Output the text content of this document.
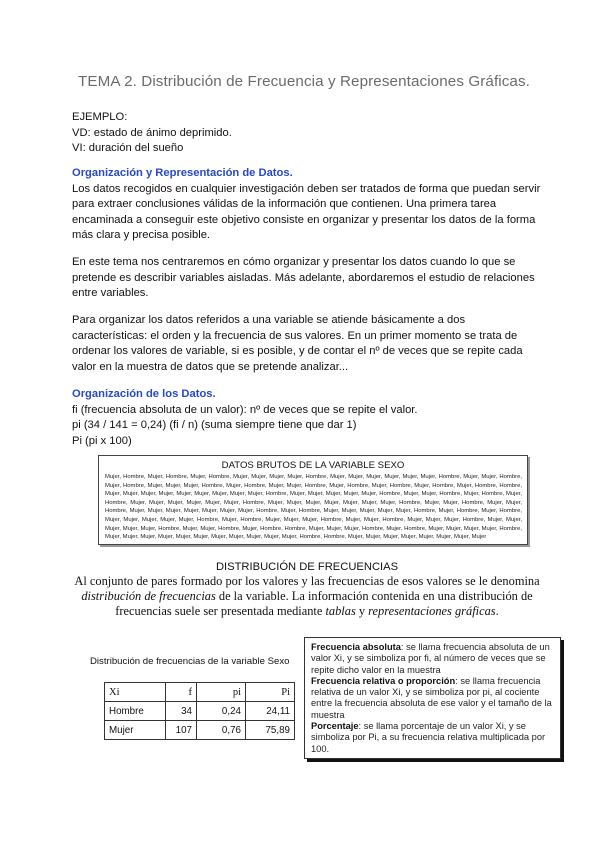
TEMA 2. Distribución de Frecuencia y Representaciones Gráficas.

EJEMPLO:

VD: estado de ánimo deprimido.

VI: duración del sueño

Organización y Representación de Datos.

Los datos recogidos en cualquier investigación deben ser tratados de forma que puedan servir para extraer conclusiones válidas de la información que contienen. Una primera tarea encaminada a conseguir este objetivo consiste en organizar y presentar los datos de la forma más clara y precisa posible.

En este tema nos centraremos en cómo organizar y presentar los datos cuando lo que se pretende es describir variables aisladas. Más adelante, abordaremos el estudio de relaciones entre variables.

Para organizar los datos referidos a una variable se atiende básicamente a dos características: el orden y la frecuencia de sus valores. En un primer momento se trata de ordenar los valores de variable, si es posible, y de contar el nº de veces que se repite cada valor en la muestra de datos que se pretende analizar...

Organización de los Datos.

fi (frecuencia absoluta de un valor): nº de veces que se repite el valor.

pi (34 / 141 = 0,24) (fi / n) (suma siempre tiene que dar 1)

Pi (pi x 100)

DATOS BRUTOS DE LA VARIABLE SEXO
Mujer, Hombre, Mujer, Hombre, Mujer, Hombre, Mujer, Mujer, Mujer, Mujer, Hombre, Mujer, Mujer, Mujer, Mujer, Mujer, Mujer, Hombre, Mujer, Mujer, Hombre, Mujer, Hombre, Mujer, Mujer, Mujer, Hombre, Mujer, Hombre, Mujer, Mujer, Hombre, Mujer, Hombre, Mujer, Hombre, Mujer, Hombre, Mujer, Hombre, Hombre, Mujer, Mujer, Mujer, Mujer, Mujer, Mujer, Mujer, Mujer, Mujer, Hombre, Mujer, Mujer, Mujer, Mujer, Mujer, Hombre, Mujer, Mujer, Hombre, Mujer, Hombre, Mujer, Hombre, Mujer, Mujer, Mujer, Mujer, Mujer, Mujer, Hombre, Mujer, Mujer, Mujer, Mujer, Mujer, Mujer, Mujer, Hombre, Mujer, Mujer, Hombre, Mujer, Mujer, Hombre, Mujer, Mujer, Mujer, Mujer, Mujer, Mujer, Mujer, Hombre, Mujer, Hombre, Mujer, Mujer, Mujer, Mujer, Mujer, Hombre, Mujer, Hombre, Mujer, Hombre, Mujer, Mujer, Mujer, Mujer, Mujer, Hombre, Mujer, Hombre, Mujer, Mujer, Mujer, Hombre, Mujer, Mujer, Hombre, Mujer, Mujer, Mujer, Hombre, Mujer, Mujer, Mujer, Mujer, Mujer, Hombre, Mujer, Mujer, Hombre, Mujer, Hombre, Hombre, Mujer, Mujer, Mujer, Hombre, Mujer, Hombre, Mujer, Mujer, Mujer, Mujer, Hombre, Mujer, Mujer, Mujer, Mujer, Mujer, Mujer, Mujer, Mujer, Mujer, Mujer, Mujer, Hombre, Hombre, Mujer, Mujer, Mujer, Mujer, Mujer, Mujer, Mujer, Mujer
DISTRIBUCIÓN DE FRECUENCIAS
Al conjunto de pares formado por los valores y las frecuencias de esos valores se le denomina distribución de frecuencias de la variable. La información contenida en una distribución de frecuencias suele ser presentada mediante tablas y representaciones gráficas.
Distribución de frecuencias de la variable Sexo
Xi	f	pi	Pi
Hombre	34	0,24	24,11
Mujer	107	0,76	75,89

Frecuencia absoluta: se llama frecuencia absoluta de un valor Xi, y se simboliza por fi, al número de veces que se repite dicho valor en la muestra

Frecuencia relativa o proporción: se llama frecuencia relativa de un valor Xi, y se simboliza por pi, al cociente entre la frecuencia absoluta de ese valor y el tamaño de la muestra

Porcentaje: se llama porcentaje de un valor Xi, y se simboliza por Pi, a su frecuencia relativa multiplicada por 100.
